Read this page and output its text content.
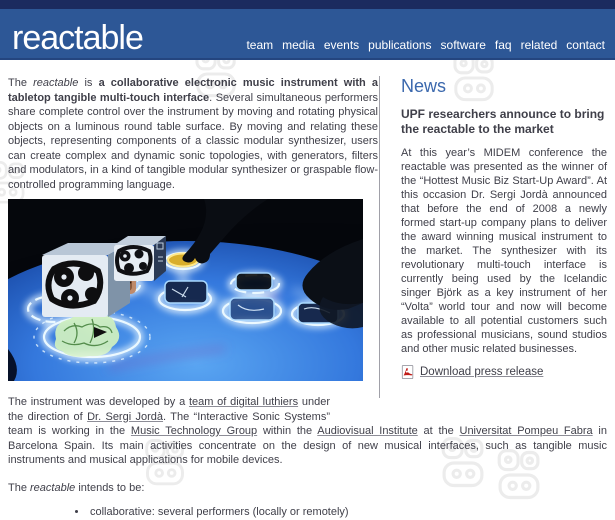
reactable	team media events publications software faq related contact
News
UPF researchers announce to bring the reactable to the market

At this year’s MIDEM conference the reactable was presented as the winner of the “Hottest Music Biz Start-Up Award”. At this occasion Dr. Sergi Jordà announced that before the end of 2008 a newly formed start-up company plans to deliver the award winning musical instrument to the market. The synthesizer with its revolutionary multi-touch interface is currently being used by the Icelandic singer Björk as a key instrument of her “Volta” world tour and now will become available to all potential customers such as professional musicians, sound studios and other music related businesses.

Download press release

The reactable is a collaborative electronic music instrument with a tabletop tangible multi-touch interface. Several simultaneous performers share complete control over the instrument by moving and rotating physical objects on a luminous round table surface. By moving and relating these objects, representing components of a classic modular synthesizer, users can create complex and dynamic sonic topologies, with generators, filters and modulators, in a kind of tangible modular synthesizer or graspable flow-controlled programming language.

The instrument was developed by a team of digital luthiers under the direction of Dr. Sergi Jordà. The “Interactive Sonic Systems” team is working in the Music Technology Group within the Audiovisual Institute at the Universitat Pompeu Fabra in Barcelona Spain. Its main activities concentrate on the design of new musical interfaces, such as tangible music instruments and musical applications for mobile devices.

The reactable intends to be:

• collaborative: several performers (locally or remotely)
